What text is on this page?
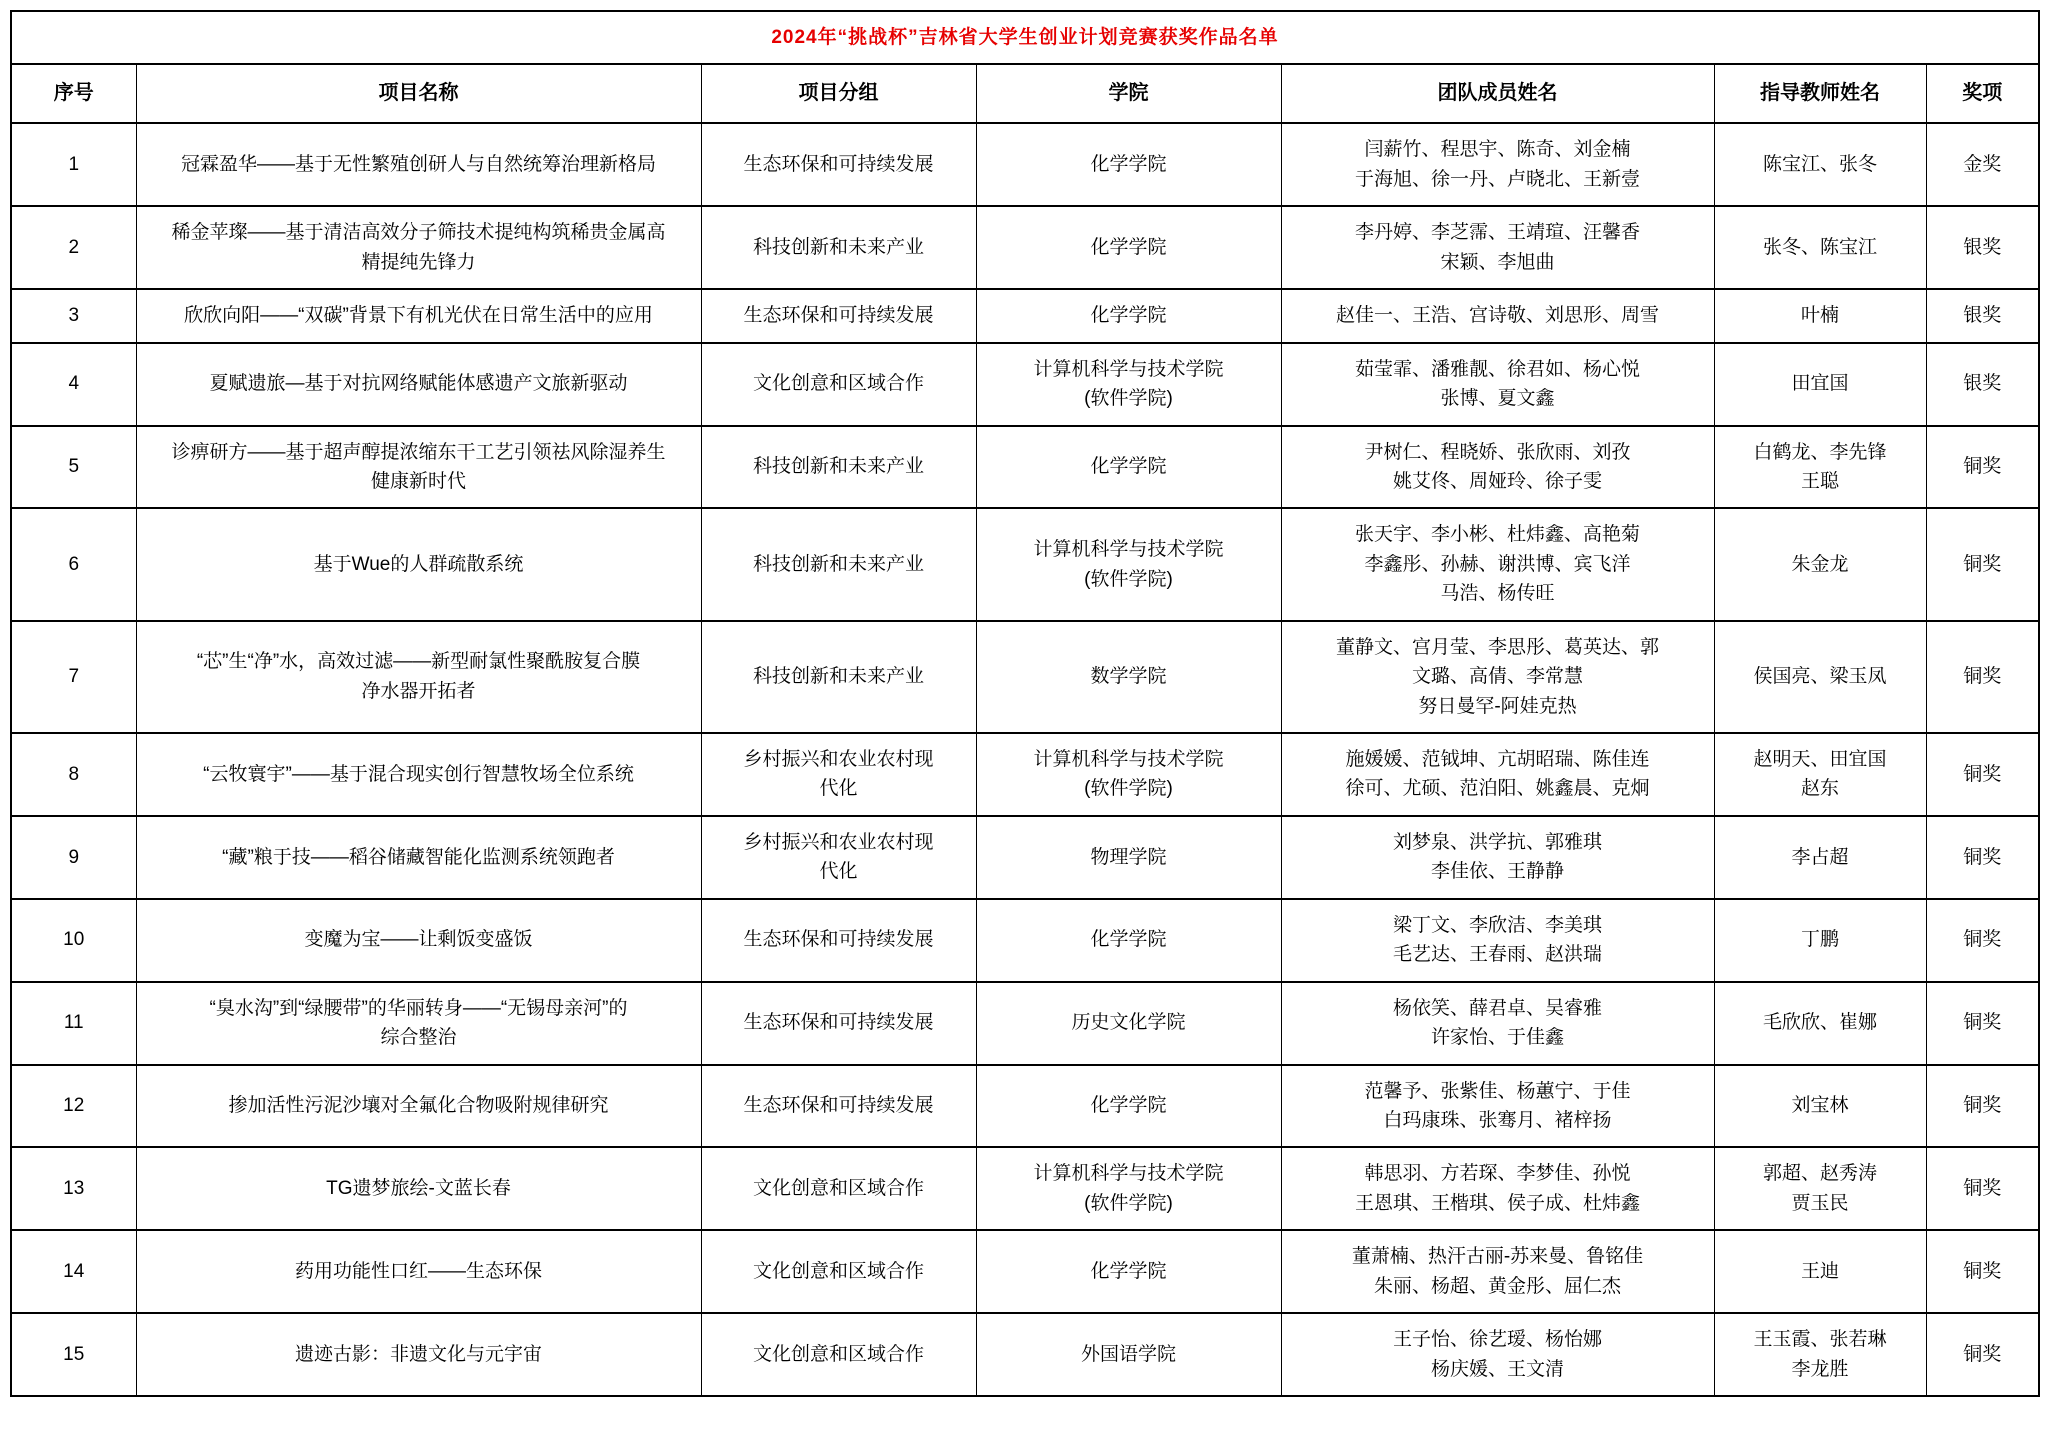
2024年“挑战杯”吉林省大学生创业计划竞赛获奖作品名单						
序号	项目名称	项目分组	学院	团队成员姓名	指导教师姓名	奖项
1	冠霖盈华——基于无性繁殖创研人与自然统筹治理新格局	生态环保和可持续发展	化学学院	闫薪竹、程思宇、陈奇、刘金楠
于海旭、徐一丹、卢晓北、王新壹	陈宝江、张冬	金奖
2	稀金苹璨——基于清洁高效分子筛技术提纯构筑稀贵金属高
精提纯先锋力	科技创新和未来产业	化学学院	李丹婷、李芝霈、王靖瑄、汪馨香
宋颖、李旭曲	张冬、陈宝江	银奖
3	欣欣向阳——“双碳”背景下有机光伏在日常生活中的应用	生态环保和可持续发展	化学学院	赵佳一、王浩、宫诗敬、刘思形、周雪	叶楠	银奖
4	夏赋遗旅—基于对抗网络赋能体感遗产文旅新驱动	文化创意和区域合作	计算机科学与技术学院
(软件学院)	茹莹霏、潘雅靓、徐君如、杨心悦
张博、夏文鑫	田宜国	银奖
5	诊痹研方——基于超声醇提浓缩东干工艺引领祛风除湿养生
健康新时代	科技创新和未来产业	化学学院	尹树仁、程晓娇、张欣雨、刘孜
姚艾佟、周娅玲、徐子雯	白鹤龙、李先锋
王聪	铜奖
6	基于Wue的人群疏散系统	科技创新和未来产业	计算机科学与技术学院
(软件学院)	张天宇、李小彬、杜炜鑫、高艳菊
李鑫彤、孙赫、谢洪博、宾飞洋
马浩、杨传旺	朱金龙	铜奖
7	“芯”生“净”水，高效过滤——新型耐氯性聚酰胺复合膜
净水器开拓者	科技创新和未来产业	数学学院	董静文、宫月莹、李思彤、葛英达、郭
文璐、高倩、李常慧
努日曼罕-阿娃克热	侯国亮、梁玉凤	铜奖
8	“云牧寰宇”——基于混合现实创行智慧牧场全位系统	乡村振兴和农业农村现
代化	计算机科学与技术学院
(软件学院)	施媛媛、范钺坤、亢胡昭瑞、陈佳连
徐可、尤硕、范泊阳、姚鑫晨、克炯	赵明天、田宜国
赵东	铜奖
9	“藏”粮于技——稻谷储藏智能化监测系统领跑者	乡村振兴和农业农村现
代化	物理学院	刘梦泉、洪学抗、郭雅琪
李佳依、王静静	李占超	铜奖
10	变魔为宝——让剩饭变盛饭	生态环保和可持续发展	化学学院	梁丁文、李欣洁、李美琪
毛艺达、王春雨、赵洪瑞	丁鹏	铜奖
11	“臭水沟”到“绿腰带”的华丽转身——“无锡母亲河”的
综合整治	生态环保和可持续发展	历史文化学院	杨依笑、薛君卓、吴睿雅
许家怡、于佳鑫	毛欣欣、崔娜	铜奖
12	掺加活性污泥沙壤对全氟化合物吸附规律研究	生态环保和可持续发展	化学学院	范馨予、张紫佳、杨蕙宁、于佳
白玛康珠、张骞月、褚梓扬	刘宝林	铜奖
13	TG遗梦旅绘-文蓝长春	文化创意和区域合作	计算机科学与技术学院
(软件学院)	韩思羽、方若琛、李梦佳、孙悦
王恩琪、王楷琪、侯子成、杜炜鑫	郭超、赵秀涛
贾玉民	铜奖
14	药用功能性口红——生态环保	文化创意和区域合作	化学学院	董萧楠、热汗古丽-苏来曼、鲁铭佳
朱丽、杨超、黄金彤、屈仁杰	王迪	铜奖
15	遗迹古影：非遗文化与元宇宙	文化创意和区域合作	外国语学院	王子怡、徐艺瑷、杨怡娜
杨庆媛、王文清	王玉霞、张若琳
李龙胜	铜奖
